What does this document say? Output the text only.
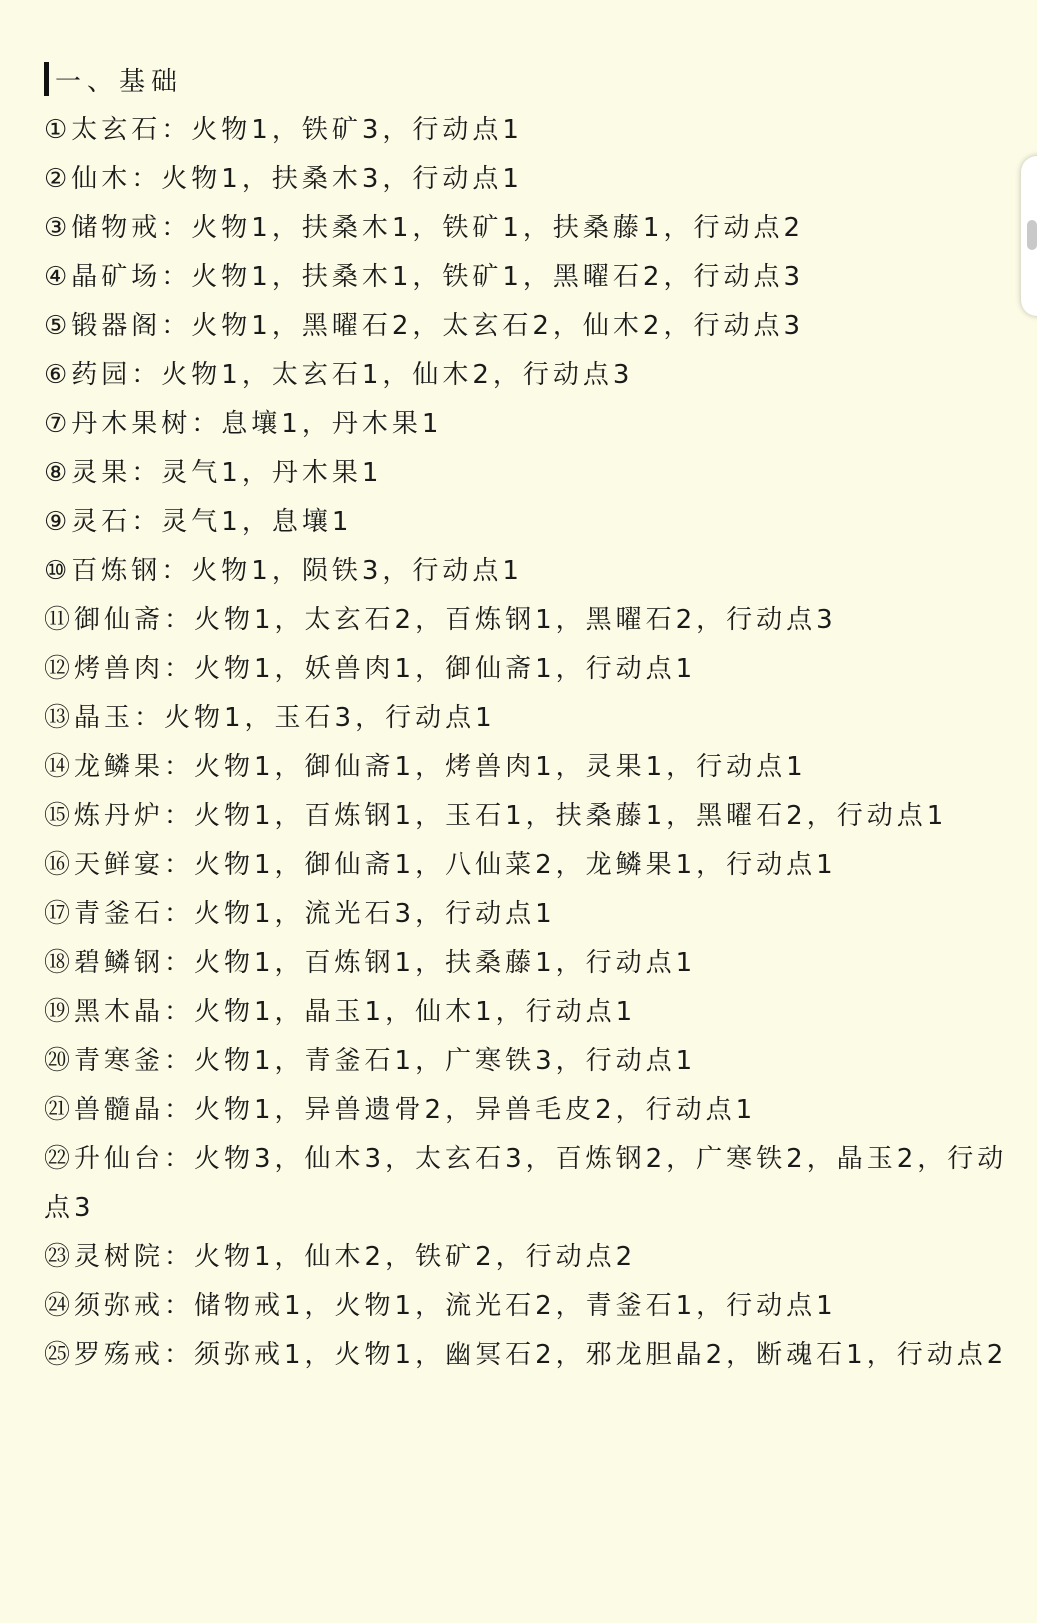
一、基础

①太玄石：火物1，铁矿3，行动点1

②仙木：火物1，扶桑木3，行动点1

③储物戒：火物1，扶桑木1，铁矿1，扶桑藤1，行动点2

④晶矿场：火物1，扶桑木1，铁矿1，黑曜石2，行动点3

⑤锻器阁：火物1，黑曜石2，太玄石2，仙木2，行动点3

⑥药园：火物1，太玄石1，仙木2，行动点3

⑦丹木果树：息壤1，丹木果1

⑧灵果：灵气1，丹木果1

⑨灵石：灵气1，息壤1

⑩百炼钢：火物1，陨铁3，行动点1

⑪御仙斋：火物1，太玄石2，百炼钢1，黑曜石2，行动点3

⑫烤兽肉：火物1，妖兽肉1，御仙斋1，行动点1

⑬晶玉：火物1，玉石3，行动点1

⑭龙鳞果：火物1，御仙斋1，烤兽肉1，灵果1，行动点1

⑮炼丹炉：火物1，百炼钢1，玉石1，扶桑藤1，黑曜石2，行动点1

⑯天鲜宴：火物1，御仙斋1，八仙菜2，龙鳞果1，行动点1

⑰青釜石：火物1，流光石3，行动点1

⑱碧鳞钢：火物1，百炼钢1，扶桑藤1，行动点1

⑲黑木晶：火物1，晶玉1，仙木1，行动点1

⑳青寒釜：火物1，青釜石1，广寒铁3，行动点1

㉑兽髓晶：火物1，异兽遗骨2，异兽毛皮2，行动点1

㉒升仙台：火物3，仙木3，太玄石3，百炼钢2，广寒铁2，晶玉2，行动点3

㉓灵树院：火物1，仙木2，铁矿2，行动点2

㉔须弥戒：储物戒1，火物1，流光石2，青釜石1，行动点1

㉕罗殇戒：须弥戒1，火物1，幽冥石2，邪龙胆晶2，断魂石1，行动点2
